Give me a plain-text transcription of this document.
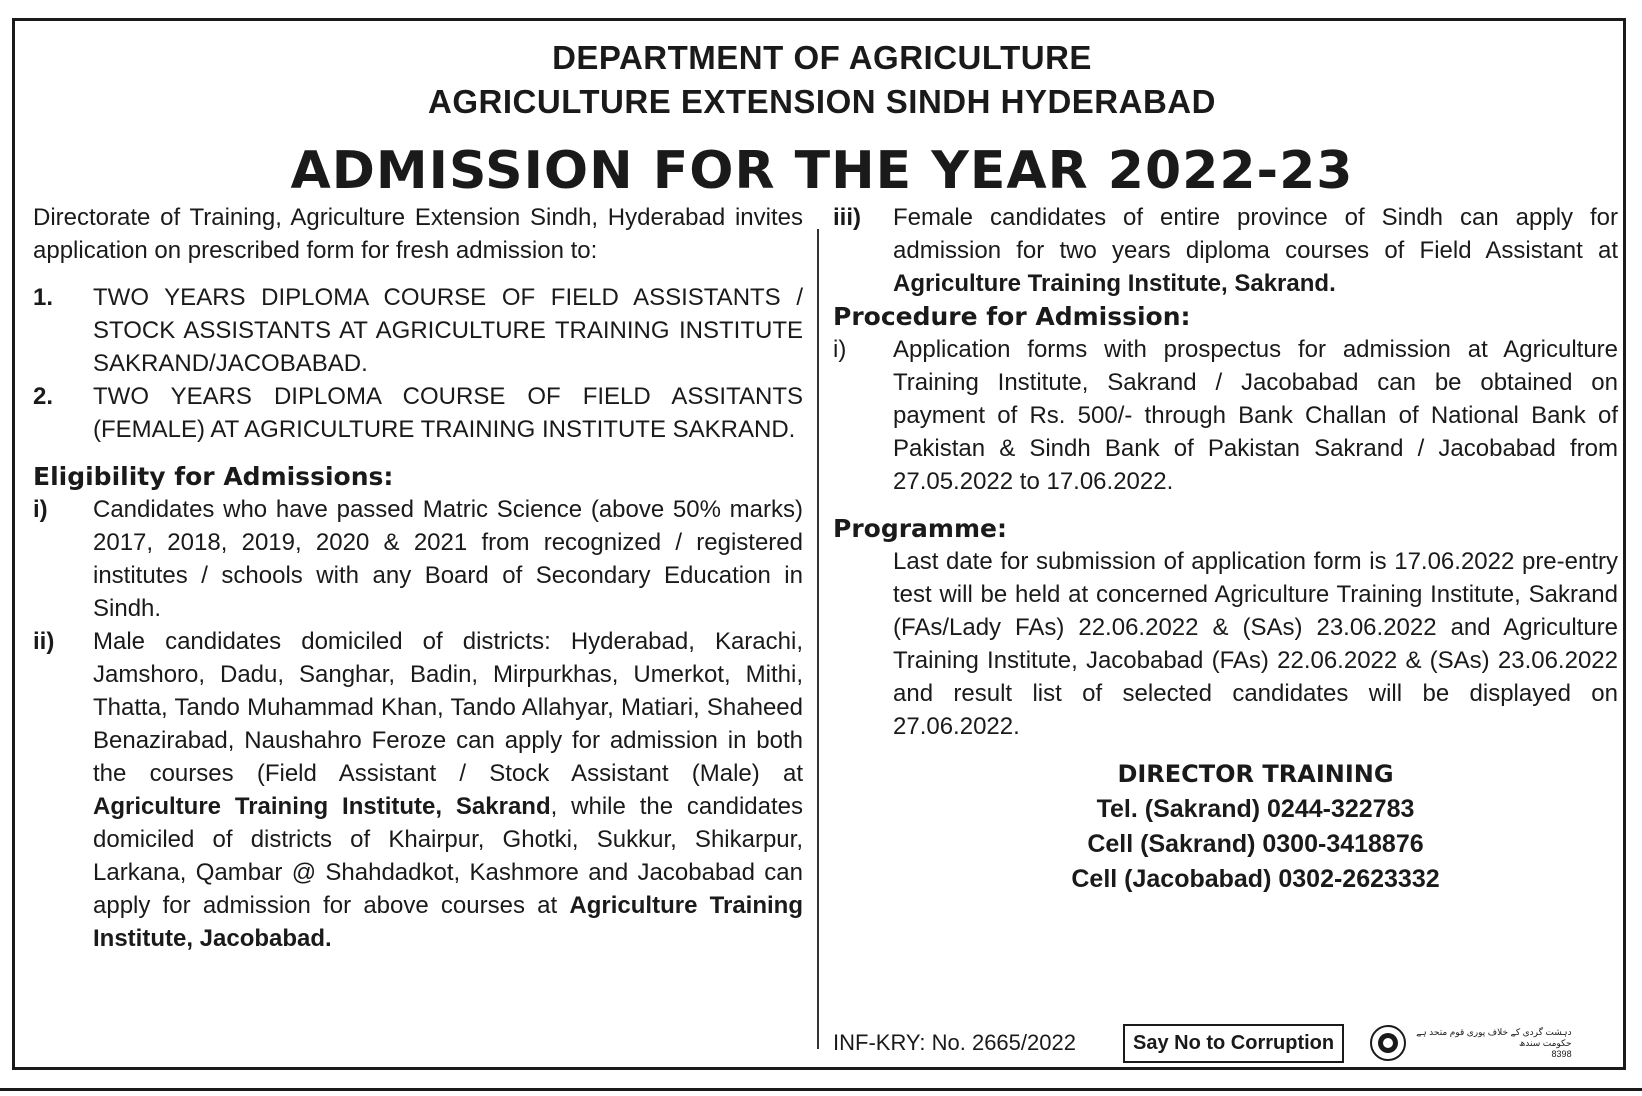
DEPARTMENT OF AGRICULTURE
AGRICULTURE EXTENSION SINDH HYDERABAD
ADMISSION FOR THE YEAR 2022-23
Directorate of Training, Agriculture Extension Sindh, Hyderabad invites application on prescribed form for fresh admission to:
1.	TWO YEARS DIPLOMA COURSE OF FIELD ASSISTANTS / STOCK ASSISTANTS AT AGRICULTURE TRAINING INSTITUTE SAKRAND/JACOBABAD.
2.	TWO YEARS DIPLOMA COURSE OF FIELD ASSITANTS (FEMALE) AT AGRICULTURE TRAINING INSTITUTE SAKRAND.
Eligibility for Admissions:
i)	Candidates who have passed Matric Science (above 50% marks) 2017, 2018, 2019, 2020 & 2021 from recognized / registered institutes / schools with any Board of Secondary Education in Sindh.
ii)	Male candidates domiciled of districts: Hyderabad, Karachi, Jamshoro, Dadu, Sanghar, Badin, Mirpurkhas, Umerkot, Mithi, Thatta, Tando Muhammad Khan, Tando Allahyar, Matiari, Shaheed Benazirabad, Naushahro Feroze can apply for admission in both the courses (Field Assistant / Stock Assistant (Male) at Agriculture Training Institute, Sakrand, while the candidates domiciled of districts of Khairpur, Ghotki, Sukkur, Shikarpur, Larkana, Qambar @ Shahdadkot, Kashmore and Jacobabad can apply for admission for above courses at Agriculture Training Institute, Jacobabad.
iii)	Female candidates of entire province of Sindh can apply for admission for two years diploma courses of Field Assistant at Agriculture Training Institute, Sakrand.
Procedure for Admission:
i)	Application forms with prospectus for admission at Agriculture Training Institute, Sakrand / Jacobabad can be obtained on payment of Rs. 500/- through Bank Challan of National Bank of Pakistan & Sindh Bank of Pakistan Sakrand / Jacobabad from 27.05.2022 to 17.06.2022.
Programme:
Last date for submission of application form is 17.06.2022 pre-entry test will be held at concerned Agriculture Training Institute, Sakrand (FAs/Lady FAs) 22.06.2022 & (SAs) 23.06.2022 and Agriculture Training Institute, Jacobabad (FAs) 22.06.2022 & (SAs) 23.06.2022 and result list of selected candidates will be displayed on 27.06.2022.
DIRECTOR TRAINING
Tel. (Sakrand) 0244-322783
Cell (Sakrand) 0300-3418876
Cell (Jacobabad) 0302-2623332
INF-KRY: No. 2665/2022	Say No to Corruption	دہشت گردی کے خلاف پوری قوم متحد ہے
حکومت سندھ
8398
